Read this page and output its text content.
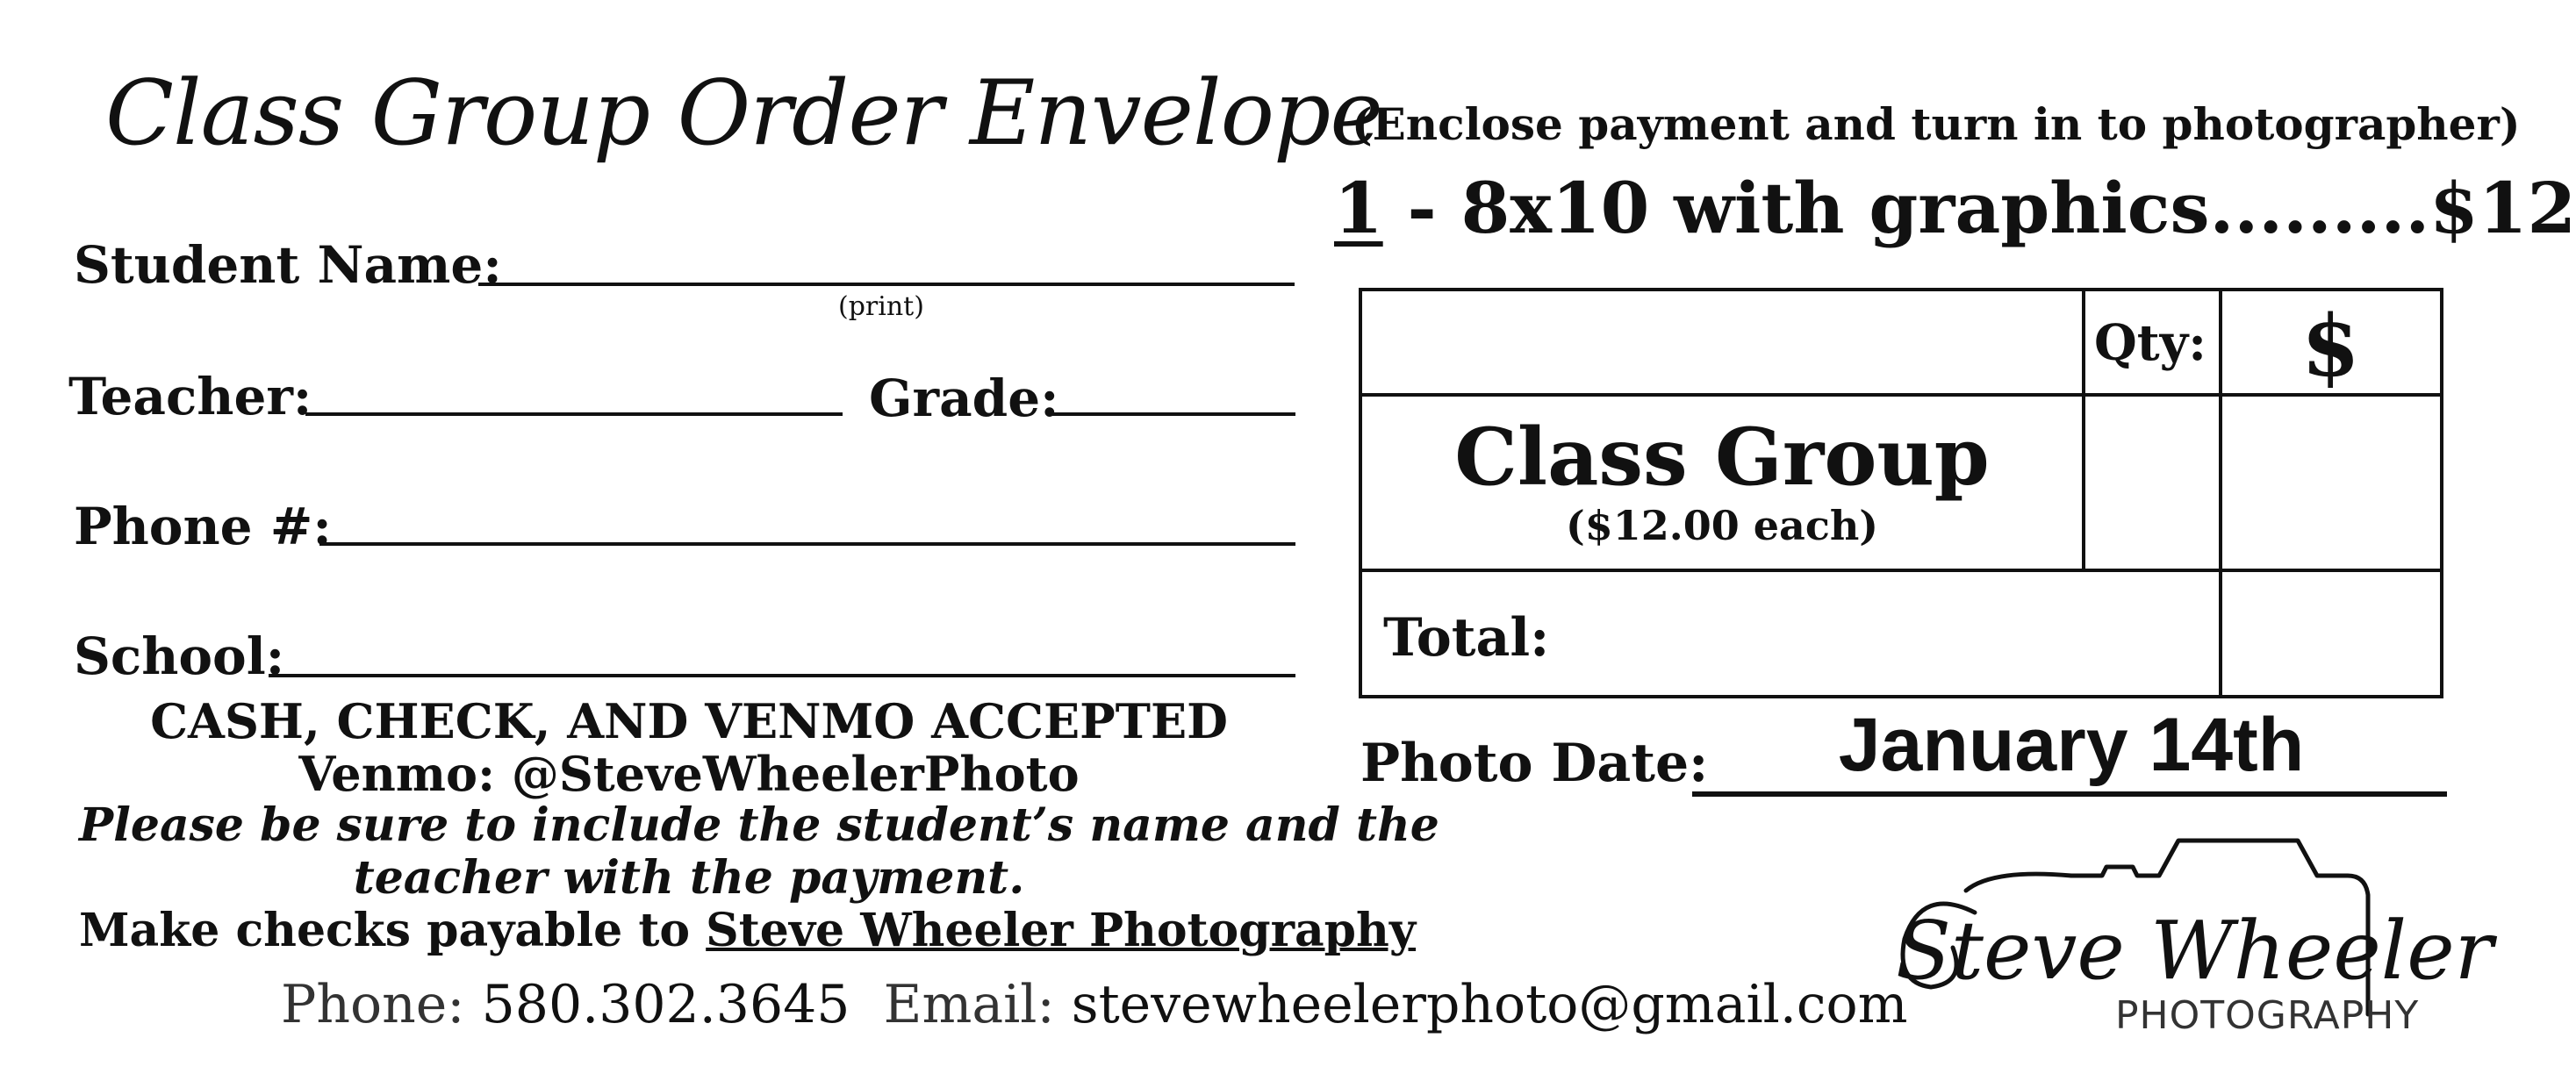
Class Group Order Envelope
(Enclose payment and turn in to photographer)
1 - 8x10 with graphics.........$12
Student Name:
(print)
Teacher:	Grade:
Phone #:
School:
CASH, CHECK, AND VENMO ACCEPTED
Venmo: @SteveWheelerPhoto
Please be sure to include the student’s name and the
teacher with the payment.
Make checks payable to Steve Wheeler Photography
Phone: 580.302.3645 Email: stevewheelerphoto@gmail.com
Qty: $
Class Group
($12.00 each)
Total:
Photo Date:	January 14th
Steve Wheeler
PHOTOGRAPHY
